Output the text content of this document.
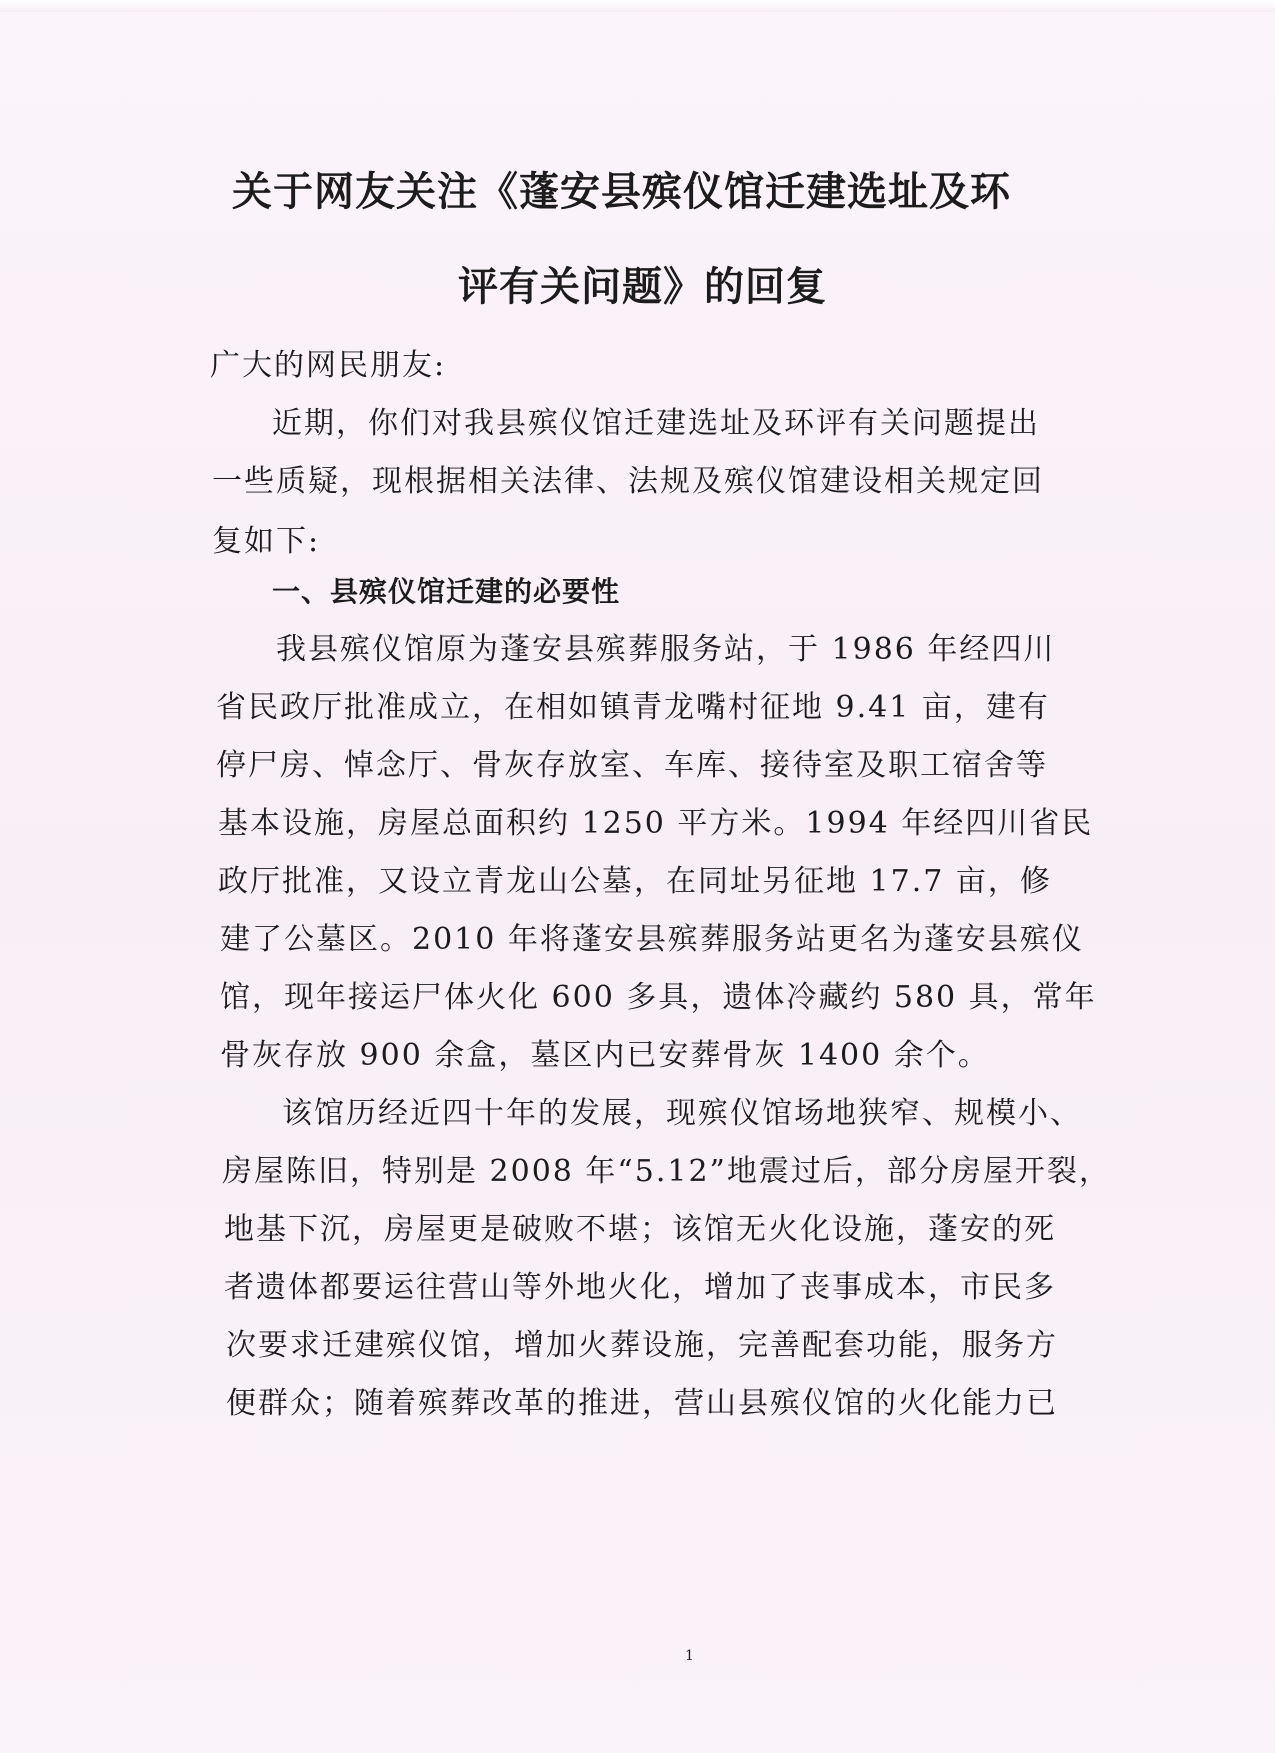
关于网友关注《蓬安县殡仪馆迁建选址及环
评有关问题》的回复

广大的网民朋友:

近期，你们对我县殡仪馆迁建选址及环评有关问题提出

一些质疑，现根据相关法律、法规及殡仪馆建设相关规定回

复如下:

一、县殡仪馆迁建的必要性

我县殡仪馆原为蓬安县殡葬服务站，于 1986 年经四川

省民政厅批准成立，在相如镇青龙嘴村征地 9.41 亩，建有

停尸房、悼念厅、骨灰存放室、车库、接待室及职工宿舍等

基本设施，房屋总面积约 1250 平方米。1994 年经四川省民

政厅批准，又设立青龙山公墓，在同址另征地 17.7 亩，修

建了公墓区。2010 年将蓬安县殡葬服务站更名为蓬安县殡仪

馆，现年接运尸体火化 600 多具，遗体冷藏约 580 具，常年

骨灰存放 900 余盒，墓区内已安葬骨灰 1400 余个。

该馆历经近四十年的发展，现殡仪馆场地狭窄、规模小、

房屋陈旧，特别是 2008 年“5.12”地震过后，部分房屋开裂，

地基下沉，房屋更是破败不堪；该馆无火化设施，蓬安的死

者遗体都要运往营山等外地火化，增加了丧事成本，市民多

次要求迁建殡仪馆，增加火葬设施，完善配套功能，服务方

便群众；随着殡葬改革的推进，营山县殡仪馆的火化能力已

1
